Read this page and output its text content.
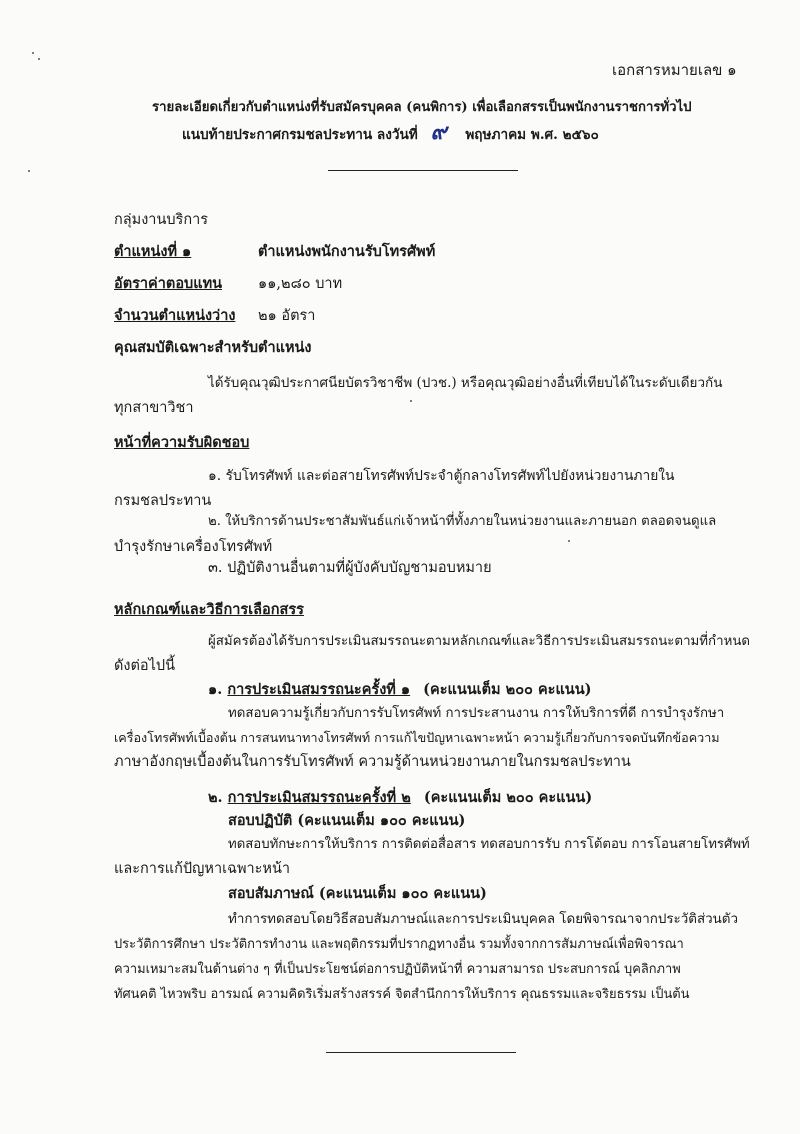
เอกสารหมายเลข ๑
รายละเอียดเกี่ยวกับตำแหน่งที่รับสมัครบุคคล (คนพิการ) เพื่อเลือกสรรเป็นพนักงานราชการทั่วไป
แนบท้ายประกาศกรมชลประทาน ลงวันที่ ๙ พฤษภาคม พ.ศ. ๒๕๖๐
กลุ่มงานบริการ
ตำแหน่งที่ ๑	ตำแหน่งพนักงานรับโทรศัพท์
อัตราค่าตอบแทน ๑๑,๒๘๐ บาท
จำนวนตำแหน่งว่าง ๒๑ อัตรา
คุณสมบัติเฉพาะสำหรับตำแหน่ง
ได้รับคุณวุฒิประกาศนียบัตรวิชาชีพ (ปวช.) หรือคุณวุฒิอย่างอื่นที่เทียบได้ในระดับเดียวกัน
ทุกสาขาวิชา
หน้าที่ความรับผิดชอบ
๑. รับโทรศัพท์ และต่อสายโทรศัพท์ประจำตู้กลางโทรศัพท์ไปยังหน่วยงานภายใน
กรมชลประทาน
๒. ให้บริการด้านประชาสัมพันธ์แก่เจ้าหน้าที่ทั้งภายในหน่วยงานและภายนอก ตลอดจนดูแล
บำรุงรักษาเครื่องโทรศัพท์
๓. ปฏิบัติงานอื่นตามที่ผู้บังคับบัญชามอบหมาย
หลักเกณฑ์และวิธีการเลือกสรร
ผู้สมัครต้องได้รับการประเมินสมรรถนะตามหลักเกณฑ์และวิธีการประเมินสมรรถนะตามที่กำหนด
ดังต่อไปนี้
๑. การประเมินสมรรถนะครั้งที่ ๑ (คะแนนเต็ม ๒๐๐ คะแนน)
ทดสอบความรู้เกี่ยวกับการรับโทรศัพท์ การประสานงาน การให้บริการที่ดี การบำรุงรักษา
เครื่องโทรศัพท์เบื้องต้น การสนทนาทางโทรศัพท์ การแก้ไขปัญหาเฉพาะหน้า ความรู้เกี่ยวกับการจดบันทึกข้อความ
ภาษาอังกฤษเบื้องต้นในการรับโทรศัพท์ ความรู้ด้านหน่วยงานภายในกรมชลประทาน
๒. การประเมินสมรรถนะครั้งที่ ๒ (คะแนนเต็ม ๒๐๐ คะแนน)
สอบปฏิบัติ (คะแนนเต็ม ๑๐๐ คะแนน)
ทดสอบทักษะการให้บริการ การติดต่อสื่อสาร ทดสอบการรับ การโต้ตอบ การโอนสายโทรศัพท์
และการแก้ปัญหาเฉพาะหน้า
สอบสัมภาษณ์ (คะแนนเต็ม ๑๐๐ คะแนน)
ทำการทดสอบโดยวิธีสอบสัมภาษณ์และการประเมินบุคคล โดยพิจารณาจากประวัติส่วนตัว
ประวัติการศึกษา ประวัติการทำงาน และพฤติกรรมที่ปรากฏทางอื่น รวมทั้งจากการสัมภาษณ์เพื่อพิจารณา
ความเหมาะสมในด้านต่าง ๆ ที่เป็นประโยชน์ต่อการปฏิบัติหน้าที่ ความสามารถ ประสบการณ์ บุคลิกภาพ
ทัศนคติ ไหวพริบ อารมณ์ ความคิดริเริ่มสร้างสรรค์ จิตสำนึกการให้บริการ คุณธรรมและจริยธรรม เป็นต้น
